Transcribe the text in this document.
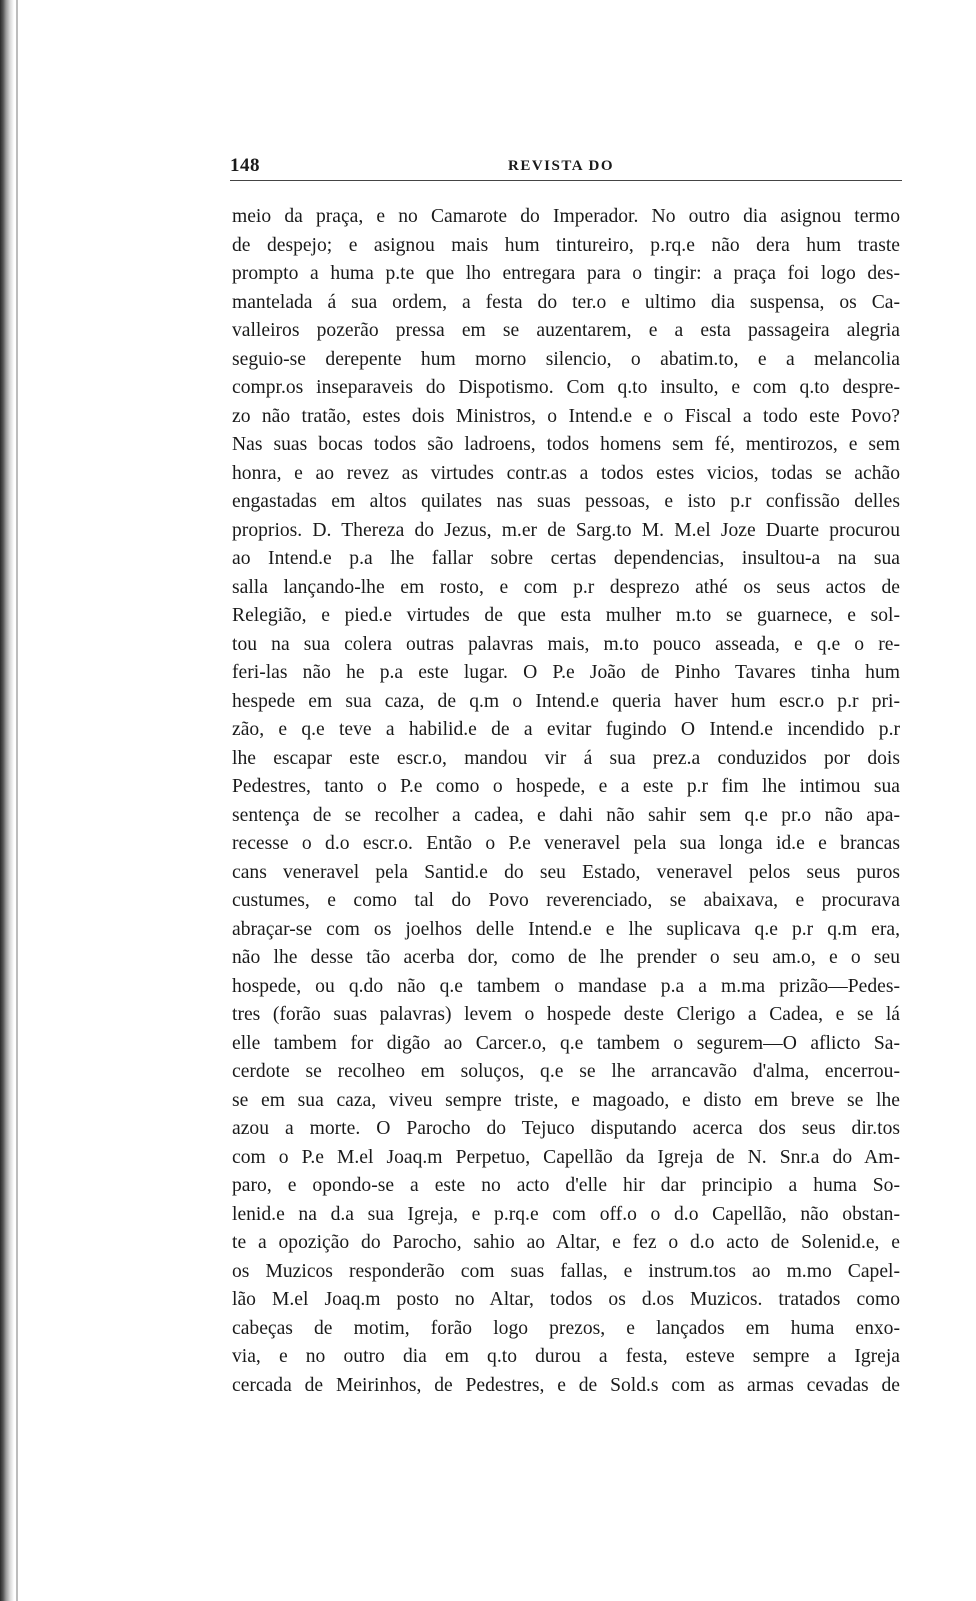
148	REVISTA DO
meio da praça, e no Camarote do Imperador. No outro dia asignou termo
de despejo; e asignou mais hum tintureiro, p.rq.e não dera hum traste
prompto a huma p.te que lho entregara para o tingir: a praça foi logo des-
mantelada á sua ordem, a festa do ter.o e ultimo dia suspensa, os Ca-
valleiros pozerão pressa em se auzentarem, e a esta passageira alegria
seguio-se derepente hum morno silencio, o abatim.to, e a melancolia
compr.os inseparaveis do Dispotismo. Com q.to insulto, e com q.to despre-
zo não tratão, estes dois Ministros, o Intend.e e o Fiscal a todo este Povo?
Nas suas bocas todos são ladroens, todos homens sem fé, mentirozos, e sem
honra, e ao revez as virtudes contr.as a todos estes vicios, todas se achão
engastadas em altos quilates nas suas pessoas, e isto p.r confissão delles
proprios. D. Thereza do Jezus, m.er de Sarg.to M. M.el Joze Duarte procurou
ao Intend.e p.a lhe fallar sobre certas dependencias, insultou-a na sua
salla lançando-lhe em rosto, e com p.r desprezo athé os seus actos de
Relegião, e pied.e virtudes de que esta mulher m.to se guarnece, e sol-
tou na sua colera outras palavras mais, m.to pouco asseada, e q.e o re-
feri-las não he p.a este lugar. O P.e João de Pinho Tavares tinha hum
hespede em sua caza, de q.m o Intend.e queria haver hum escr.o p.r pri-
zão, e q.e teve a habilid.e de a evitar fugindo O Intend.e incendido p.r
lhe escapar este escr.o, mandou vir á sua prez.a conduzidos por dois
Pedestres, tanto o P.e como o hospede, e a este p.r fim lhe intimou sua
sentença de se recolher a cadea, e dahi não sahir sem q.e pr.o não apa-
recesse o d.o escr.o. Então o P.e veneravel pela sua longa id.e e brancas
cans veneravel pela Santid.e do seu Estado, veneravel pelos seus puros
custumes, e como tal do Povo reverenciado, se abaixava, e procurava
abraçar-se com os joelhos delle Intend.e e lhe suplicava q.e p.r q.m era,
não lhe desse tão acerba dor, como de lhe prender o seu am.o, e o seu
hospede, ou q.do não q.e tambem o mandase p.a a m.ma prizão—Pedes-
tres (forão suas palavras) levem o hospede deste Clerigo a Cadea, e se lá
elle tambem for digão ao Carcer.o, q.e tambem o segurem—O aflicto Sa-
cerdote se recolheo em soluços, q.e se lhe arrancavão d'alma, encerrou-
se em sua caza, viveu sempre triste, e magoado, e disto em breve se lhe
azou a morte. O Parocho do Tejuco disputando acerca dos seus dir.tos
com o P.e M.el Joaq.m Perpetuo, Capellão da Igreja de N. Snr.a do Am-
paro, e opondo-se a este no acto d'elle hir dar principio a huma So-
lenid.e na d.a sua Igreja, e p.rq.e com off.o o d.o Capellão, não obstan-
te a opozição do Parocho, sahio ao Altar, e fez o d.o acto de Solenid.e, e
os Muzicos responderão com suas fallas, e instrum.tos ao m.mo Capel-
lão M.el Joaq.m posto no Altar, todos os d.os Muzicos. tratados como
cabeças de motim, forão logo prezos, e lançados em huma enxo-
via, e no outro dia em q.to durou a festa, esteve sempre a Igreja
cercada de Meirinhos, de Pedestres, e de Sold.s com as armas cevadas de
